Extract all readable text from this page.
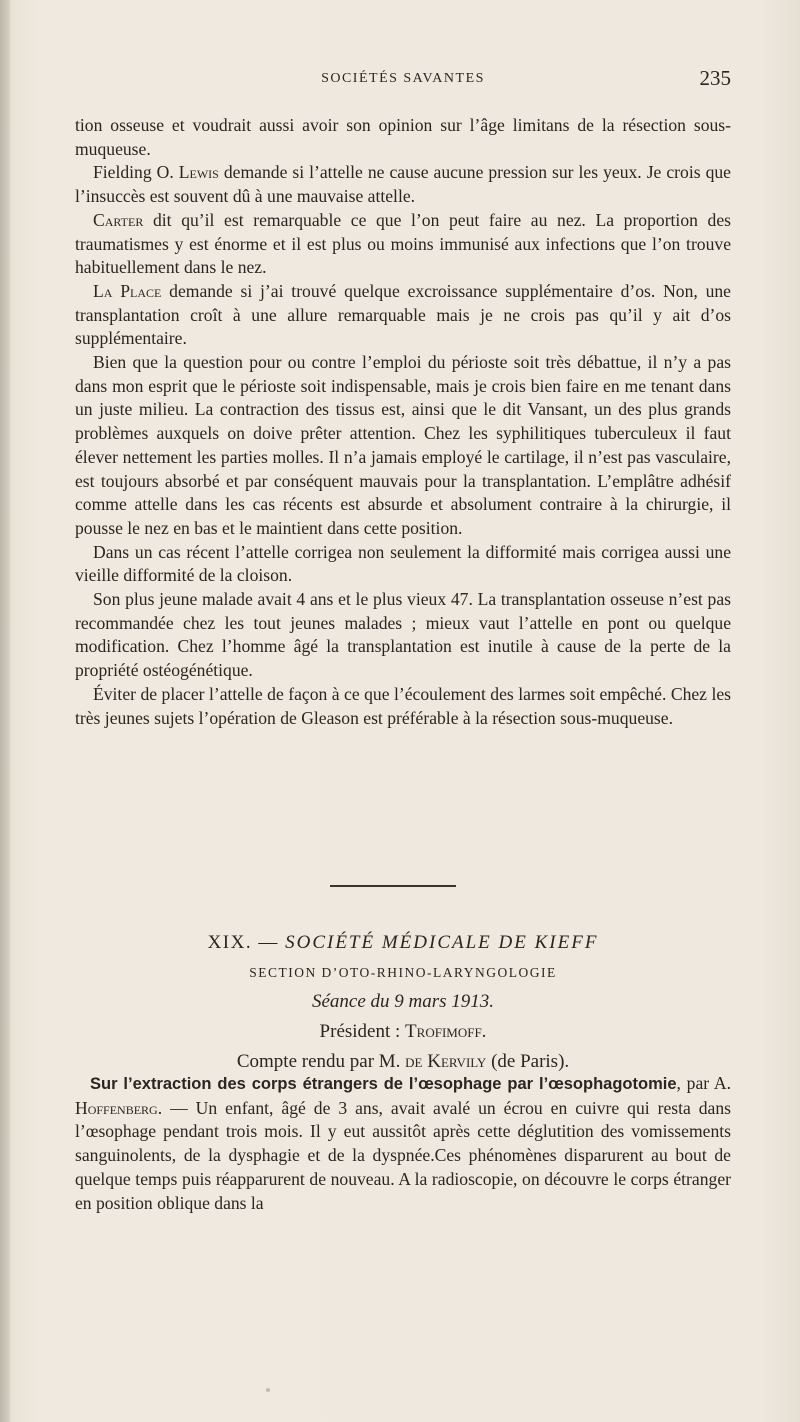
SOCIÉTÉS SAVANTES	235

tion osseuse et voudrait aussi avoir son opinion sur l’âge limitans de la résection sous-muqueuse.

Fielding O. Lewis demande si l’attelle ne cause aucune pression sur les yeux. Je crois que l’insuccès est souvent dû à une mauvaise attelle.

Carter dit qu’il est remarquable ce que l’on peut faire au nez. La proportion des traumatismes y est énorme et il est plus ou moins immunisé aux infections que l’on trouve habituellement dans le nez.

La Place demande si j’ai trouvé quelque excroissance supplémentaire d’os. Non, une transplantation croît à une allure remarquable mais je ne crois pas qu’il y ait d’os supplémentaire.

Bien que la question pour ou contre l’emploi du périoste soit très débattue, il n’y a pas dans mon esprit que le périoste soit indispensable, mais je crois bien faire en me tenant dans un juste milieu. La contraction des tissus est, ainsi que le dit Vansant, un des plus grands problèmes auxquels on doive prêter attention. Chez les syphilitiques tuberculeux il faut élever nettement les parties molles. Il n’a jamais employé le cartilage, il n’est pas vasculaire, est toujours absorbé et par conséquent mauvais pour la transplantation. L’emplâtre adhésif comme attelle dans les cas récents est absurde et absolument contraire à la chirurgie, il pousse le nez en bas et le maintient dans cette position.

Dans un cas récent l’attelle corrigea non seulement la difformité mais corrigea aussi une vieille difformité de la cloison.

Son plus jeune malade avait 4 ans et le plus vieux 47. La transplantation osseuse n’est pas recommandée chez les tout jeunes malades ; mieux vaut l’attelle en pont ou quelque modification. Chez l’homme âgé la transplantation est inutile à cause de la perte de la propriété ostéogénétique.

Éviter de placer l’attelle de façon à ce que l’écoulement des larmes soit empêché. Chez les très jeunes sujets l’opération de Gleason est préférable à la résection sous-muqueuse.

XIX. — SOCIÉTÉ MÉDICALE DE KIEFF
SECTION D’OTO-RHINO-LARYNGOLOGIE
Séance du 9 mars 1913.
Président : Trofimoff.
Compte rendu par M. de Kervily (de Paris).

Sur l’extraction des corps étrangers de l’œsophage par l’œsophagotomie, par A. Hoffenberg. — Un enfant, âgé de 3 ans, avait avalé un écrou en cuivre qui resta dans l’œsophage pendant trois mois. Il y eut aussitôt après cette déglutition des vomissements sanguinolents, de la dysphagie et de la dyspnée.Ces phénomènes disparurent au bout de quelque temps puis réapparurent de nouveau. A la radioscopie, on découvre le corps étranger en position oblique dans la
